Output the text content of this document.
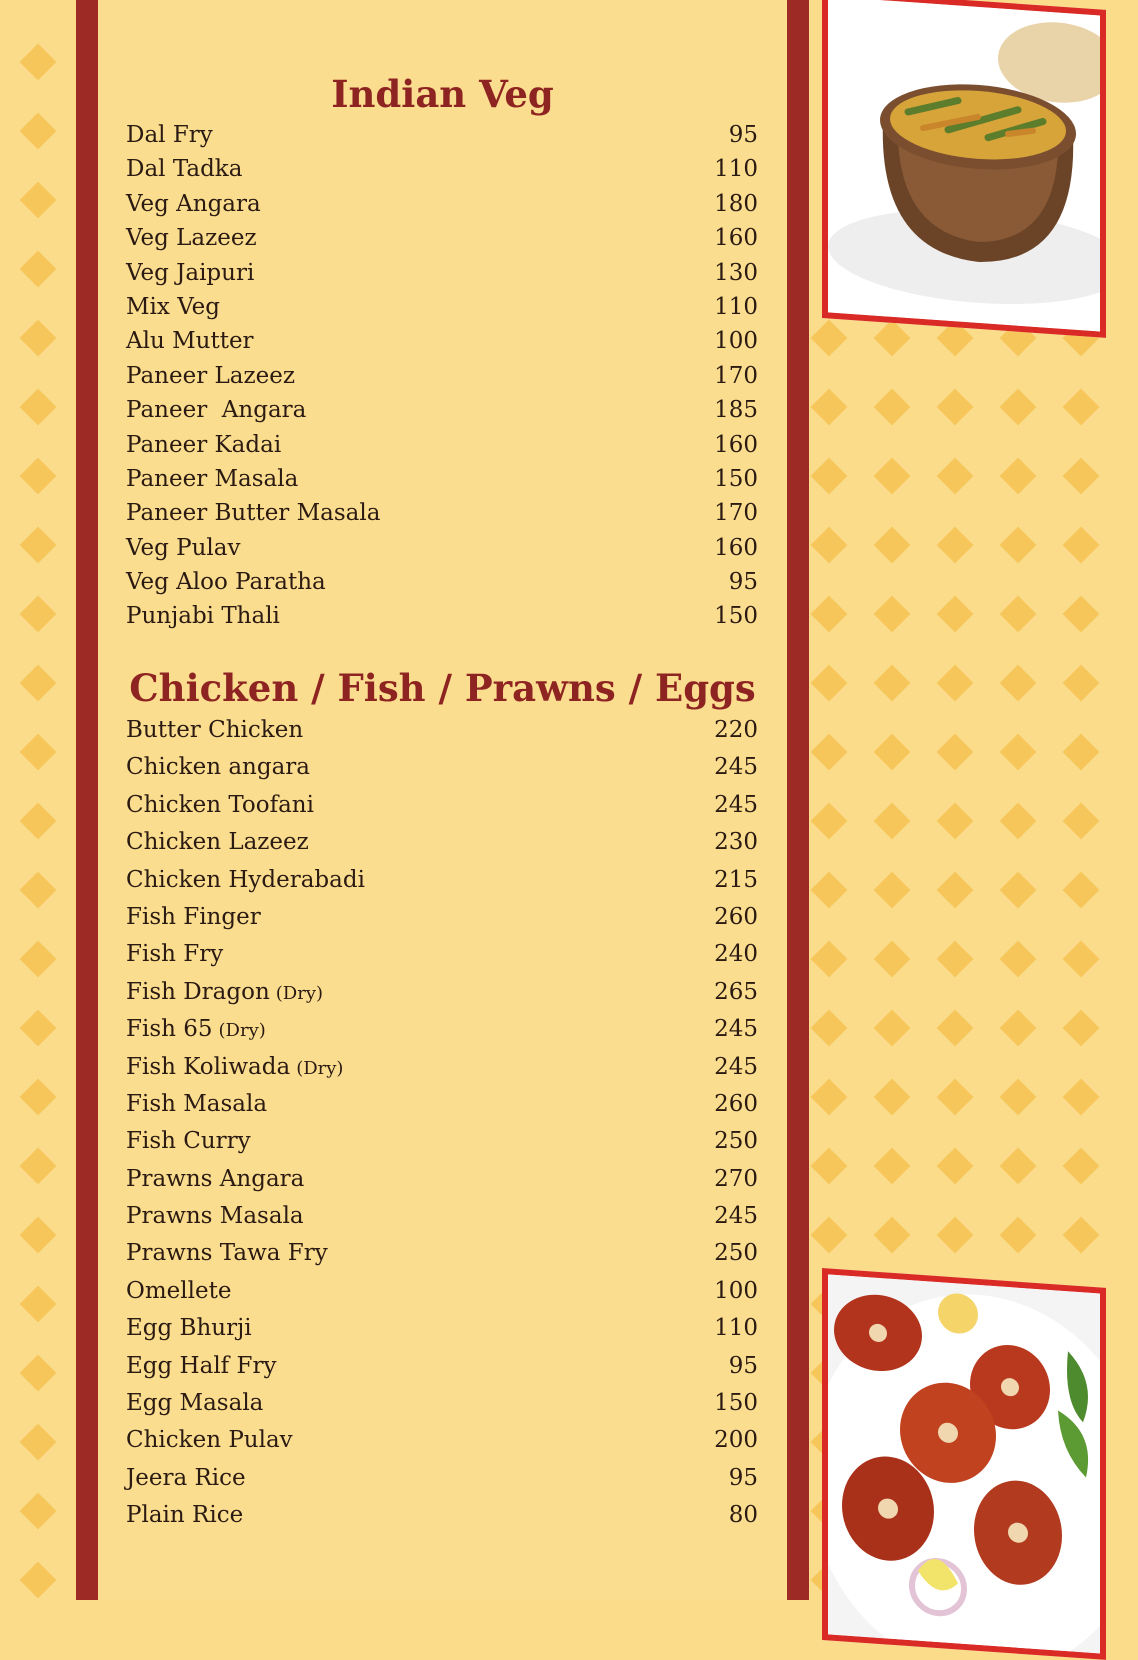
Indian Veg
Dal Fry	95
Dal Tadka	110
Veg Angara	180
Veg Lazeez	160
Veg Jaipuri	130
Mix Veg	110
Alu Mutter	100
Paneer Lazeez	170
Paneer  Angara	185
Paneer Kadai	160
Paneer Masala	150
Paneer Butter Masala	170
Veg Pulav	160
Veg Aloo Paratha	95
Punjabi Thali	150
Chicken / Fish / Prawns / Eggs
Butter Chicken	220
Chicken angara	245
Chicken Toofani	245
Chicken Lazeez	230
Chicken Hyderabadi	215
Fish Finger	260
Fish Fry	240
Fish Dragon (Dry)	265
Fish 65 (Dry)	245
Fish Koliwada (Dry)	245
Fish Masala	260
Fish Curry	250
Prawns Angara	270
Prawns Masala	245
Prawns Tawa Fry	250
Omellete	100
Egg Bhurji	110
Egg Half Fry	95
Egg Masala	150
Chicken Pulav	200
Jeera Rice	95
Plain Rice	80
